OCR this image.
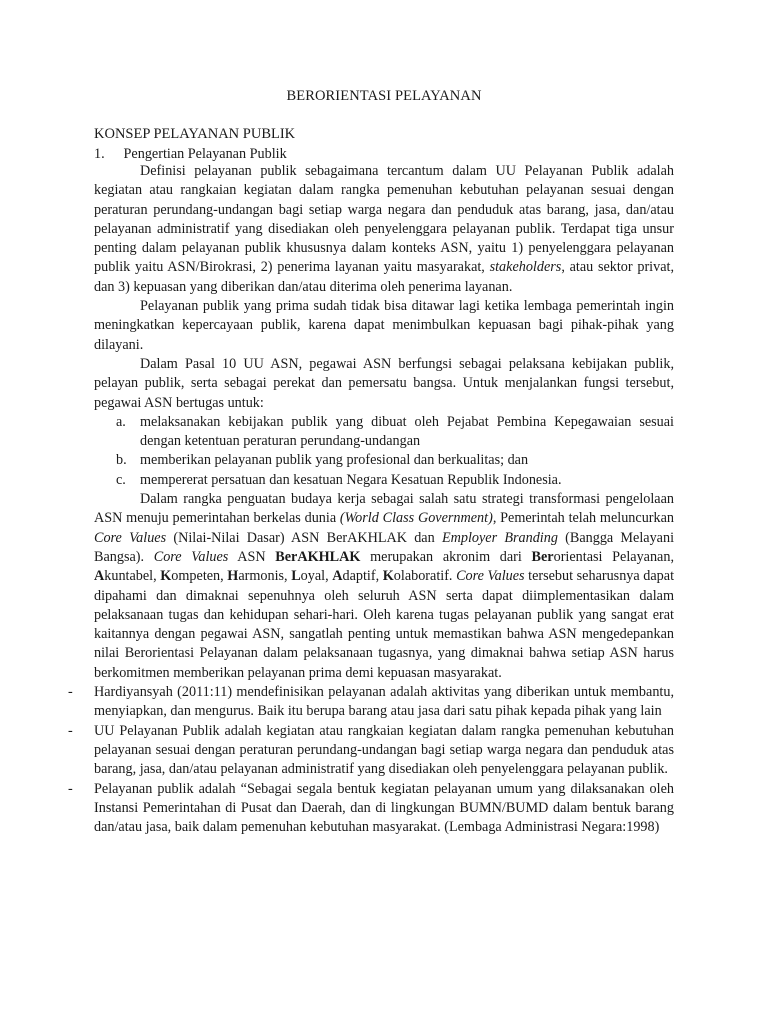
BERORIENTASI PELAYANAN
KONSEP PELAYANAN PUBLIK
1. Pengertian Pelayanan Publik

Definisi pelayanan publik sebagaimana tercantum dalam UU Pelayanan Publik adalah kegiatan atau rangkaian kegiatan dalam rangka pemenuhan kebutuhan pelayanan sesuai dengan peraturan perundang-undangan bagi setiap warga negara dan penduduk atas barang, jasa, dan/atau pelayanan administratif yang disediakan oleh penyelenggara pelayanan publik. Terdapat tiga unsur penting dalam pelayanan publik khususnya dalam konteks ASN, yaitu 1) penyelenggara pelayanan publik yaitu ASN/Birokrasi, 2) penerima layanan yaitu masyarakat, stakeholders, atau sektor privat, dan 3) kepuasan yang diberikan dan/atau diterima oleh penerima layanan.

Pelayanan publik yang prima sudah tidak bisa ditawar lagi ketika lembaga pemerintah ingin meningkatkan kepercayaan publik, karena dapat menimbulkan kepuasan bagi pihak-pihak yang dilayani.

Dalam Pasal 10 UU ASN, pegawai ASN berfungsi sebagai pelaksana kebijakan publik, pelayan publik, serta sebagai perekat dan pemersatu bangsa. Untuk menjalankan fungsi tersebut, pegawai ASN bertugas untuk:

a. melaksanakan kebijakan publik yang dibuat oleh Pejabat Pembina Kepegawaian sesuai dengan ketentuan peraturan perundang-undangan
b. memberikan pelayanan publik yang profesional dan berkualitas; dan
c. mempererat persatuan dan kesatuan Negara Kesatuan Republik Indonesia.

Dalam rangka penguatan budaya kerja sebagai salah satu strategi transformasi pengelolaan ASN menuju pemerintahan berkelas dunia (World Class Government), Pemerintah telah meluncurkan Core Values (Nilai-Nilai Dasar) ASN BerAKHLAK dan Employer Branding (Bangga Melayani Bangsa). Core Values ASN BerAKHLAK merupakan akronim dari Berorientasi Pelayanan, Akuntabel, Kompeten, Harmonis, Loyal, Adaptif, Kolaboratif. Core Values tersebut seharusnya dapat dipahami dan dimaknai sepenuhnya oleh seluruh ASN serta dapat diimplementasikan dalam pelaksanaan tugas dan kehidupan sehari-hari. Oleh karena tugas pelayanan publik yang sangat erat kaitannya dengan pegawai ASN, sangatlah penting untuk memastikan bahwa ASN mengedepankan nilai Berorientasi Pelayanan dalam pelaksanaan tugasnya, yang dimaknai bahwa setiap ASN harus berkomitmen memberikan pelayanan prima demi kepuasan masyarakat.

- Hardiyansyah (2011:11) mendefinisikan pelayanan adalah aktivitas yang diberikan untuk membantu, menyiapkan, dan mengurus. Baik itu berupa barang atau jasa dari satu pihak kepada pihak yang lain
- UU Pelayanan Publik adalah kegiatan atau rangkaian kegiatan dalam rangka pemenuhan kebutuhan pelayanan sesuai dengan peraturan perundang-undangan bagi setiap warga negara dan penduduk atas barang, jasa, dan/atau pelayanan administratif yang disediakan oleh penyelenggara pelayanan publik.
- Pelayanan publik adalah “Sebagai segala bentuk kegiatan pelayanan umum yang dilaksanakan oleh Instansi Pemerintahan di Pusat dan Daerah, dan di lingkungan BUMN/BUMD dalam bentuk barang dan/atau jasa, baik dalam pemenuhan kebutuhan masyarakat. (Lembaga Administrasi Negara:1998)
